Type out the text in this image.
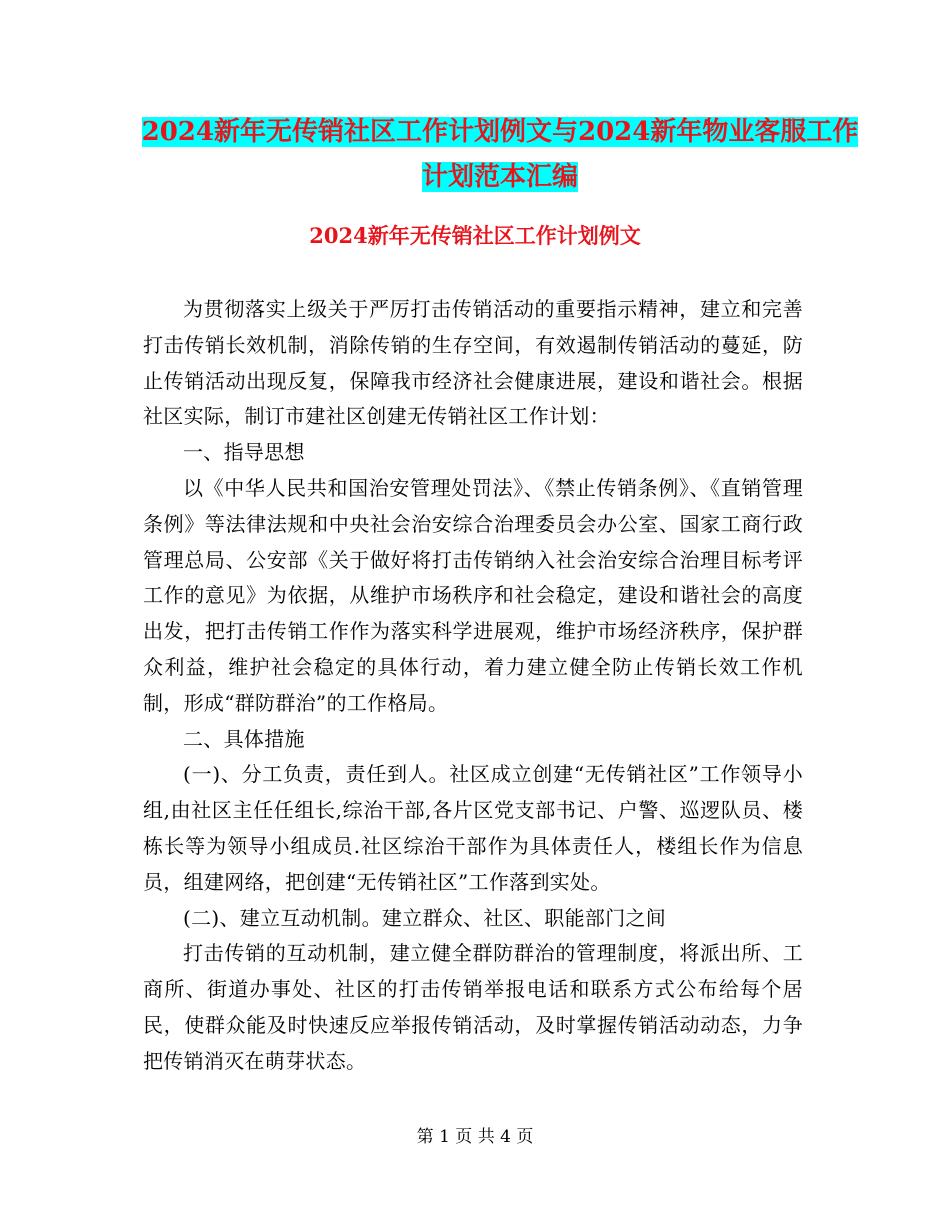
2024新年无传销社区工作计划例文与2024新年物业客服工作计划范本汇编
2024新年无传销社区工作计划例文

为贯彻落实上级关于严厉打击传销活动的重要指示精神，建立和完善打击传销长效机制，消除传销的生存空间，有效遏制传销活动的蔓延，防止传销活动出现反复，保障我市经济社会健康进展，建设和谐社会。根据社区实际，制订市建社区创建无传销社区工作计划：

一、指导思想

以《中华人民共和国治安管理处罚法》、《禁止传销条例》、《直销管理条例》等法律法规和中央社会治安综合治理委员会办公室、国家工商行政管理总局、公安部《关于做好将打击传销纳入社会治安综合治理目标考评工作的意见》为依据，从维护市场秩序和社会稳定，建设和谐社会的高度出发，把打击传销工作作为落实科学进展观，维护市场经济秩序，保护群众利益，维护社会稳定的具体行动，着力建立健全防止传销长效工作机制，形成“群防群治”的工作格局。

二、具体措施

(一)、分工负责，责任到人。社区成立创建“无传销社区”工作领导小组,由社区主任任组长,综治干部,各片区党支部书记、户警、巡逻队员、楼栋长等为领导小组成员.社区综治干部作为具体责任人，楼组长作为信息员，组建网络，把创建“无传销社区”工作落到实处。

(二)、建立互动机制。建立群众、社区、职能部门之间

打击传销的互动机制，建立健全群防群治的管理制度，将派出所、工商所、街道办事处、社区的打击传销举报电话和联系方式公布给每个居民，使群众能及时快速反应举报传销活动，及时掌握传销活动动态，力争把传销消灭在萌芽状态。

第 1 页 共 4 页
